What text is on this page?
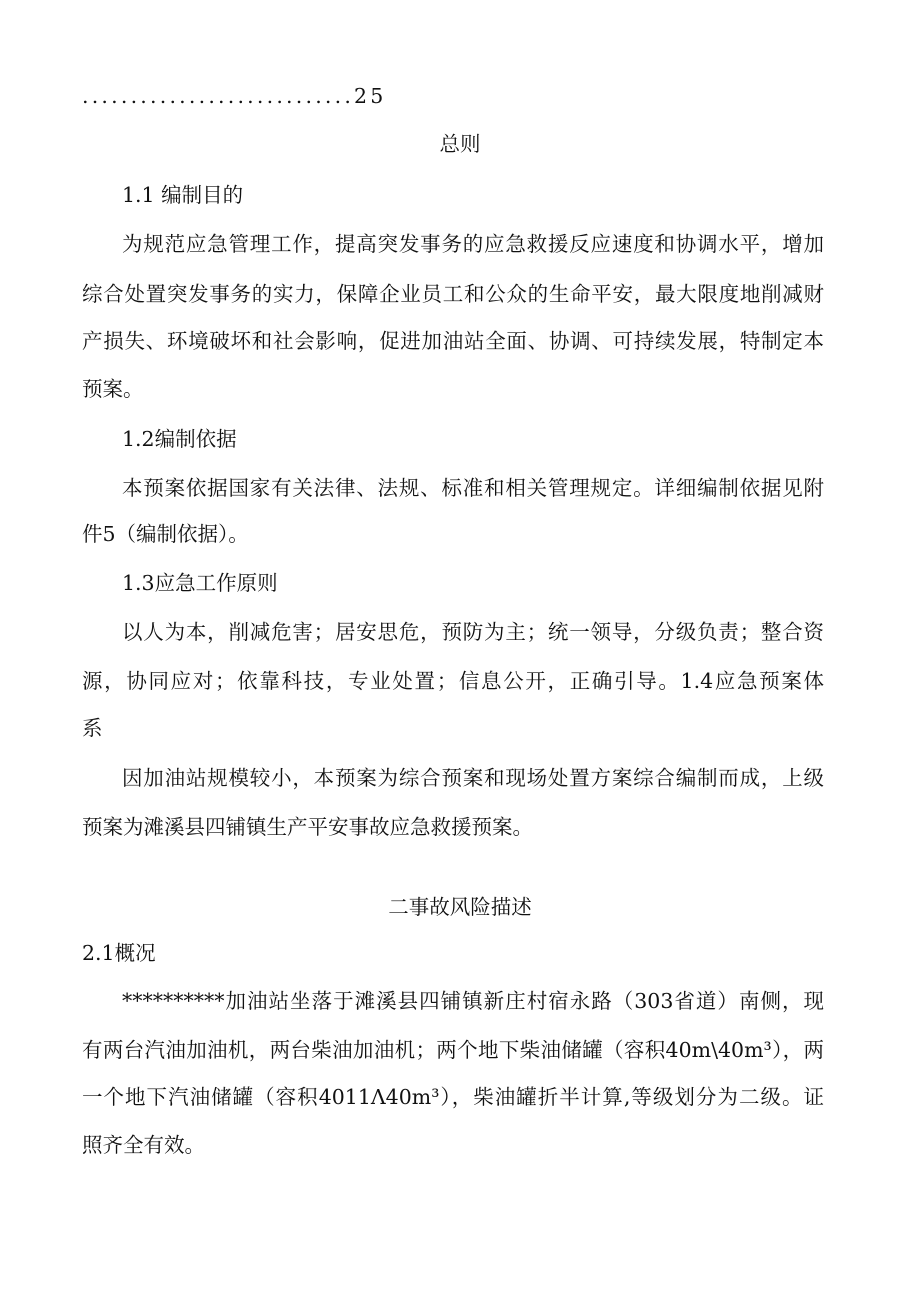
............................25

总则

1.1 编制目的

为规范应急管理工作，提高突发事务的应急救援反应速度和协调水平，增加

综合处置突发事务的实力，保障企业员工和公众的生命平安，最大限度地削减财

产损失、环境破坏和社会影响，促进加油站全面、协调、可持续发展，特制定本

预案。

1.2编制依据

本预案依据国家有关法律、法规、标准和相关管理规定。详细编制依据见附

件5（编制依据）。

1.3应急工作原则

以人为本，削减危害；居安思危，预防为主；统一领导，分级负责；整合资

源，协同应对；依靠科技，专业处置；信息公开，正确引导。1.4应急预案体

系

因加油站规模较小，本预案为综合预案和现场处置方案综合编制而成，上级

预案为滩溪县四铺镇生产平安事故应急救援预案。

二事故风险描述

2.1概况

**********加油站坐落于滩溪县四铺镇新庄村宿永路（303省道）南侧，现

有两台汽油加油机，两台柴油加油机；两个地下柴油储罐（容积40m\40m³），两

一个地下汽油储罐（容积4011Λ40m³），柴油罐折半计算,等级划分为二级。证

照齐全有效。
